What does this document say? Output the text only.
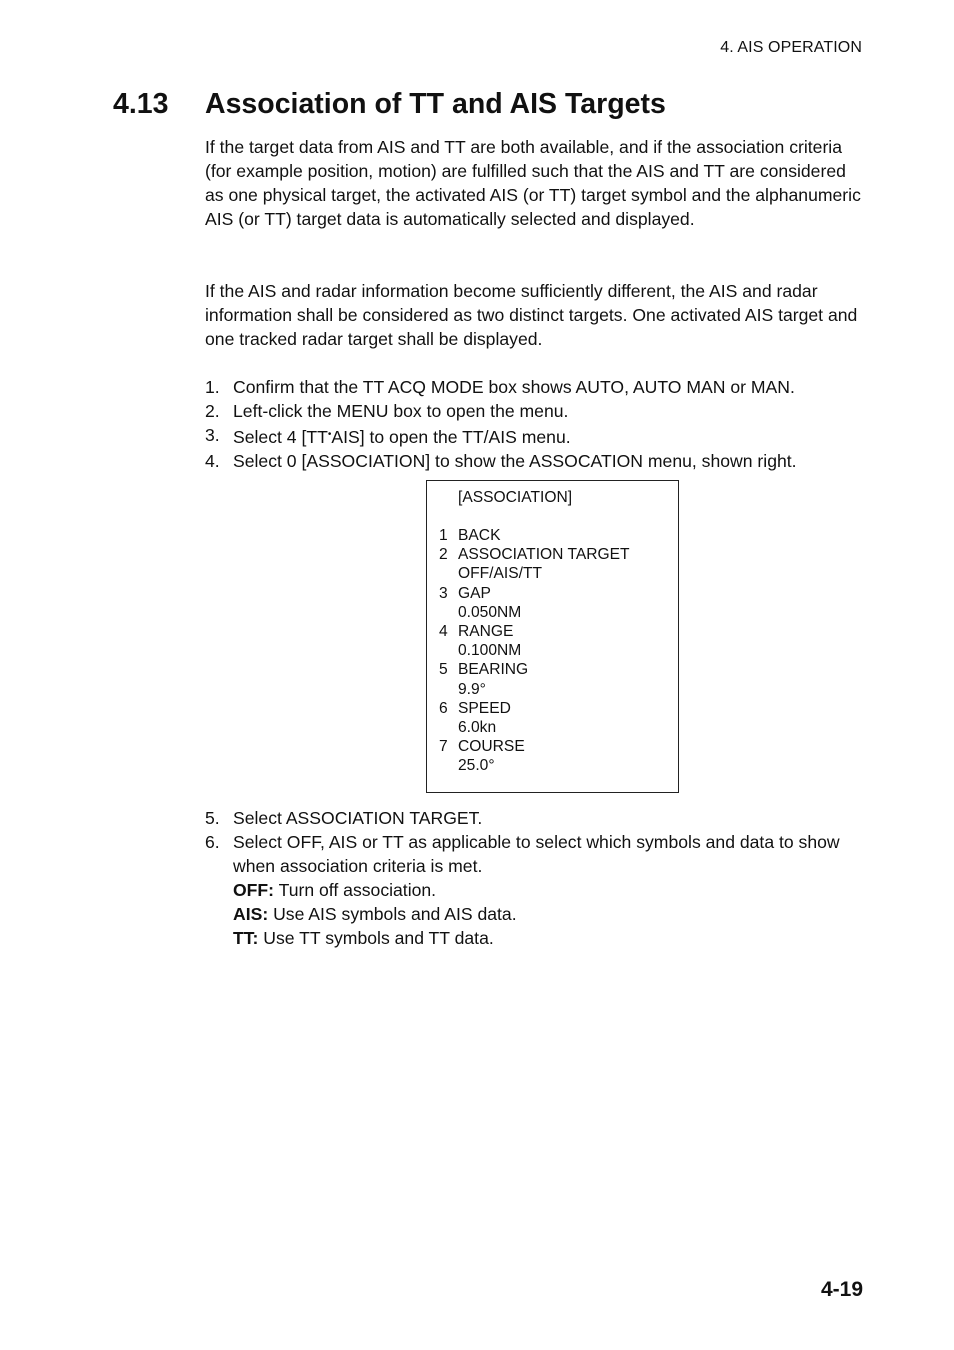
4. AIS OPERATION
4.13 Association of TT and AIS Targets

If the target data from AIS and TT are both available, and if the association criteria (for example position, motion) are fulfilled such that the AIS and TT are considered as one physical target, the activated AIS (or TT) target symbol and the alphanumeric AIS (or TT) target data is automatically selected and displayed.

If the AIS and radar information become sufficiently different, the AIS and radar information shall be considered as two distinct targets. One activated AIS target and one tracked radar target shall be displayed.

1. Confirm that the TT ACQ MODE box shows AUTO, AUTO MAN or MAN.
2. Left-click the MENU box to open the menu.
3. Select 4 [TT•AIS] to open the TT/AIS menu.
4. Select 0 [ASSOCIATION] to show the ASSOCATION menu, shown right.
[ASSOCIATION]
1 BACK
2 ASSOCIATION TARGET
OFF/AIS/TT
3 GAP
0.050NM
4 RANGE
0.100NM
5 BEARING
9.9°
6 SPEED
6.0kn
7 COURSE
25.0°
5. Select ASSOCIATION TARGET.
6. Select OFF, AIS or TT as applicable to select which symbols and data to show when association criteria is met.
OFF: Turn off association.
AIS: Use AIS symbols and AIS data.
TT: Use TT symbols and TT data.
4-19
